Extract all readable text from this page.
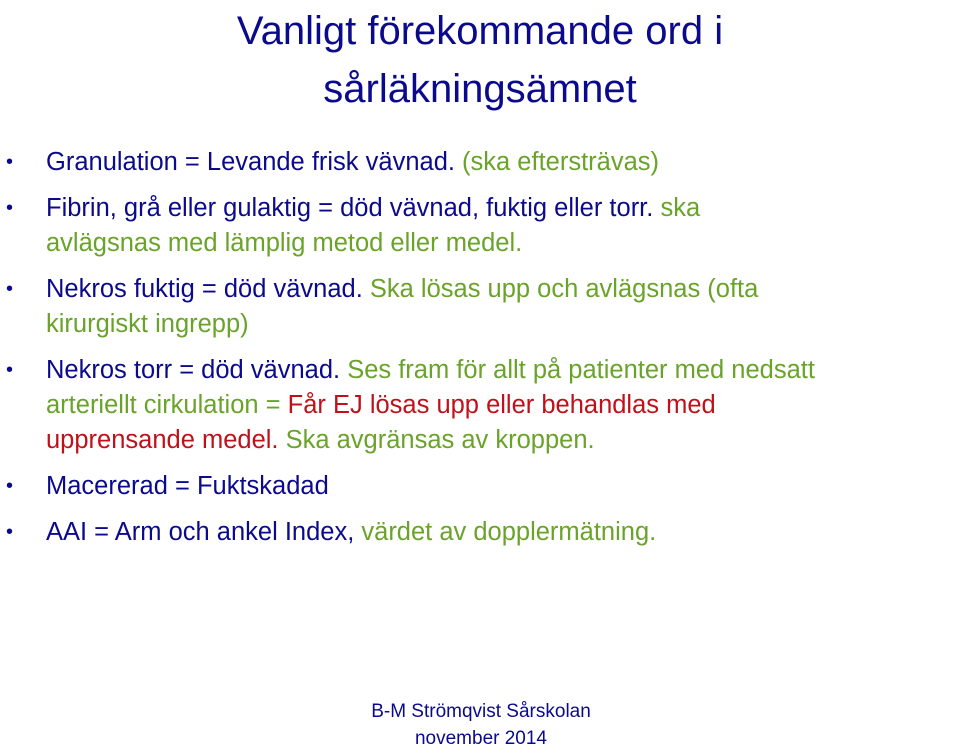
Vanligt förekommande ord i
sårläkningsämnet
• Granulation = Levande frisk vävnad. (ska eftersträvas)
• Fibrin, grå eller gulaktig = död vävnad, fuktig eller torr. ska
avlägsnas med lämplig metod eller medel.
• Nekros fuktig = död vävnad. Ska lösas upp och avlägsnas (ofta
kirurgiskt ingrepp)
• Nekros torr = död vävnad. Ses fram för allt på patienter med nedsatt
arteriellt cirkulation = Får EJ lösas upp eller behandlas med
upprensande medel. Ska avgränsas av kroppen.
• Macererad = Fuktskadad
• AAI = Arm och ankel Index, värdet av dopplermätning.
B-M Strömqvist Sårskolan
november 2014
